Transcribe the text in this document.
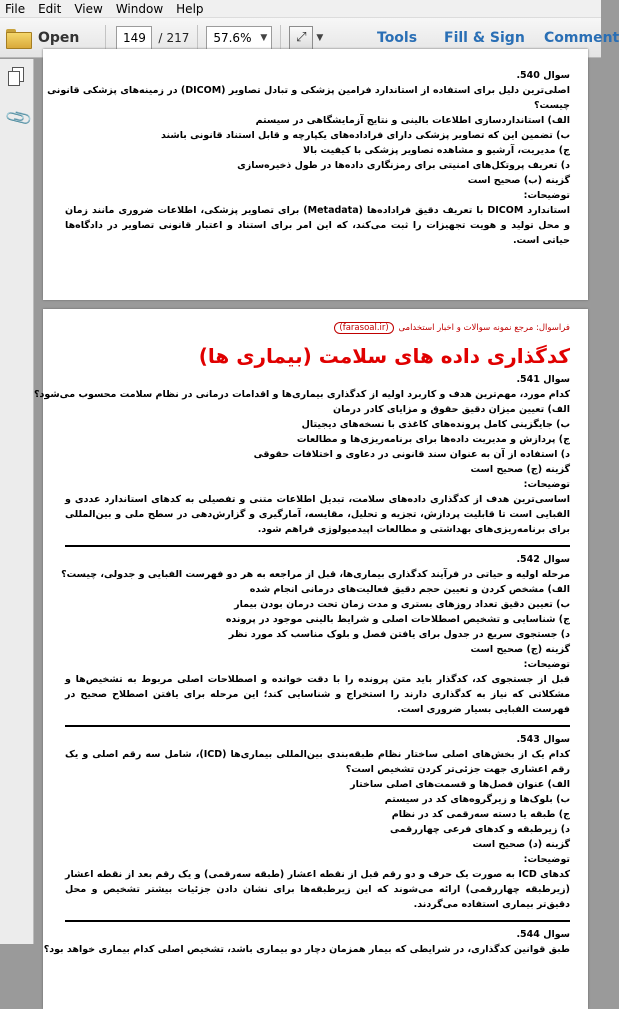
File	Edit	View	Window	Help
Open	149	/ 217 57.6% ▼ ⤢ ▼	Tools Fill & Sign Comment
📎
سوال 540.
اصلی‌ترین دلیل برای استفاده از استاندارد فرامین پزشکی و تبادل تصاویر (DICOM) در زمینه‌های پزشکی قانونی
چیست؟
الف) استانداردسازی اطلاعات بالینی و نتایج آزمایشگاهی در سیستم
ب) تضمین این که تصاویر پزشکی دارای فراداده‌های یکپارچه و قابل استناد قانونی باشند
ج) مدیریت، آرشیو و مشاهده تصاویر پزشکی با کیفیت بالا
د) تعریف پروتکل‌های امنیتی برای رمزنگاری داده‌ها در طول ذخیره‌سازی
گزینه (ب) صحیح است
توضیحات:
استاندارد DICOM با تعریف دقیق فراداده‌ها (Metadata) برای تصاویر پزشکی، اطلاعات ضروری مانند زمان و محل تولید و هویت تجهیزات را ثبت می‌کند، که این امر برای استناد و اعتبار قانونی تصاویر در دادگاه‌ها حیاتی است.
فراسوال: مرجع نمونه سوالات و اخبار استخدامی (farasoal.ir)
کدگذاری داده های سلامت (بیماری ها)
سوال 541.
کدام مورد، مهم‌ترین هدف و کاربرد اولیه از کدگذاری بیماری‌ها و اقدامات درمانی در نظام سلامت محسوب می‌شود؟
الف) تعیین میزان دقیق حقوق و مزایای کادر درمان
ب) جایگزینی کامل پرونده‌های کاغذی با نسخه‌های دیجیتال
ج) پردازش و مدیریت داده‌ها برای برنامه‌ریزی‌ها و مطالعات
د) استفاده از آن به عنوان سند قانونی در دعاوی و اختلافات حقوقی
گزینه (ج) صحیح است
توضیحات:
اساسی‌ترین هدف از کدگذاری داده‌های سلامت، تبدیل اطلاعات متنی و تفصیلی به کدهای استاندارد عددی و الفبایی است تا قابلیت پردازش، تجزیه و تحلیل، مقایسه، آمارگیری و گزارش‌دهی در سطح ملی و بین‌المللی برای برنامه‌ریزی‌های بهداشتی و مطالعات اپیدمیولوژی فراهم شود.
سوال 542.
مرحله اولیه و حیاتی در فرآیند کدگذاری بیماری‌ها، قبل از مراجعه به هر دو فهرست الفبایی و جدولی، چیست؟
الف) مشخص کردن و تعیین حجم دقیق فعالیت‌های درمانی انجام شده
ب) تعیین دقیق تعداد روزهای بستری و مدت زمان تحت درمان بودن بیمار
ج) شناسایی و تشخیص اصطلاحات اصلی و شرایط بالینی موجود در پرونده
د) جستجوی سریع در جدول برای یافتن فصل و بلوک مناسب کد مورد نظر
گزینه (ج) صحیح است
توضیحات:
قبل از جستجوی کد، کدگذار باید متن پرونده را با دقت خوانده و اصطلاحات اصلی مربوط به تشخیص‌ها و مشکلاتی که نیاز به کدگذاری دارند را استخراج و شناسایی کند؛ این مرحله برای یافتن اصطلاح صحیح در فهرست الفبایی بسیار ضروری است.
سوال 543.
کدام یک از بخش‌های اصلی ساختار نظام طبقه‌بندی بین‌المللی بیماری‌ها (ICD)، شامل سه رقم اصلی و یک رقم اعشاری جهت جزئی‌تر کردن تشخیص است؟
الف) عنوان فصل‌ها و قسمت‌های اصلی ساختار
ب) بلوک‌ها و زیرگروه‌های کد در سیستم
ج) طبقه یا دسته سه‌رقمی کد در نظام
د) زیرطبقه و کدهای فرعی چهاررقمی
گزینه (د) صحیح است
توضیحات:
کدهای ICD به صورت یک حرف و دو رقم قبل از نقطه اعشار (طبقه سه‌رقمی) و یک رقم بعد از نقطه اعشار (زیرطبقه چهاررقمی) ارائه می‌شوند که این زیرطبقه‌ها برای نشان دادن جزئیات بیشتر تشخیص و محل دقیق‌تر بیماری استفاده می‌گردند.
سوال 544.
طبق قوانین کدگذاری، در شرایطی که بیمار همزمان دچار دو بیماری باشد، تشخیص اصلی کدام بیماری خواهد بود؟
